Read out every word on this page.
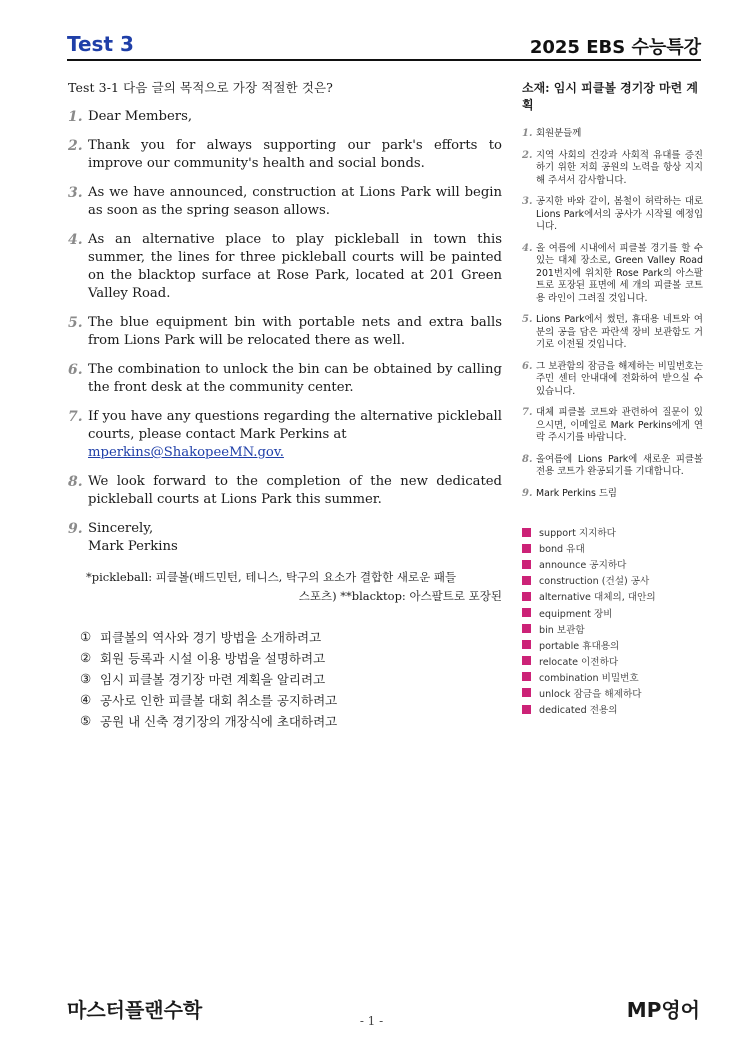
Test 3	2025 EBS 수능특강
Test 3-1 다음 글의 목적으로 가장 적절한 것은?
1. Dear Members,
2. Thank you for always supporting our park's efforts to improve our community's health and social bonds.
3. As we have announced, construction at Lions Park will begin as soon as the spring season allows.
4. As an alternative place to play pickleball in town this summer, the lines for three pickleball courts will be painted on the blacktop surface at Rose Park, located at 201 Green Valley Road.
5. The blue equipment bin with portable nets and extra balls from Lions Park will be relocated there as well.
6. The combination to unlock the bin can be obtained by calling the front desk at the community center.
7. If you have any questions regarding the alternative pickleball courts, please contact Mark Perkins at
mperkins@ShakopeeMN.gov.
8. We look forward to the completion of the new dedicated pickleball courts at Lions Park this summer.
9. Sincerely,
Mark Perkins
*pickleball: 피클볼(배드민턴, 테니스, 탁구의 요소가 결합한 새로운 패들
스포츠) **blacktop: 아스팔트로 포장된
① 피클볼의 역사와 경기 방법을 소개하려고
② 회원 등록과 시설 이용 방법을 설명하려고
③ 임시 피클볼 경기장 마련 계획을 알리려고
④ 공사로 인한 피클볼 대회 취소를 공지하려고
⑤ 공원 내 신축 경기장의 개장식에 초대하려고
소재: 임시 피클볼 경기장 마련 계획
1. 회원분들께
2. 지역 사회의 건강과 사회적 유대를 증진하기 위한 저희 공원의 노력을 항상 지지해 주셔서 감사합니다.
3. 공지한 바와 같이, 봄철이 허락하는 대로 Lions Park에서의 공사가 시작될 예정입니다.
4. 올 여름에 시내에서 피클볼 경기를 할 수 있는 대체 장소로, Green Valley Road 201번지에 위치한 Rose Park의 아스팔트로 포장된 표면에 세 개의 피클볼 코트용 라인이 그려질 것입니다.
5. Lions Park에서 썼던, 휴대용 네트와 여분의 공을 담은 파란색 장비 보관함도 거기로 이전될 것입니다.
6. 그 보관함의 잠금을 해제하는 비밀번호는 주민 센터 안내대에 전화하여 받으실 수 있습니다.
7. 대체 피클볼 코트와 관련하여 질문이 있으시면, 이메일로 Mark Perkins에게 연락 주시기를 바랍니다.
8. 올여름에 Lions Park에 새로운 피클볼 전용 코트가 완공되기를 기대합니다.
9. Mark Perkins 드림
support 지지하다
bond 유대
announce 공지하다
construction (건설) 공사
alternative 대체의, 대안의
equipment 장비
bin 보관함
portable 휴대용의
relocate 이전하다
combination 비밀번호
unlock 잠금을 해제하다
dedicated 전용의
마스터플랜수학	- 1 -	MP영어
